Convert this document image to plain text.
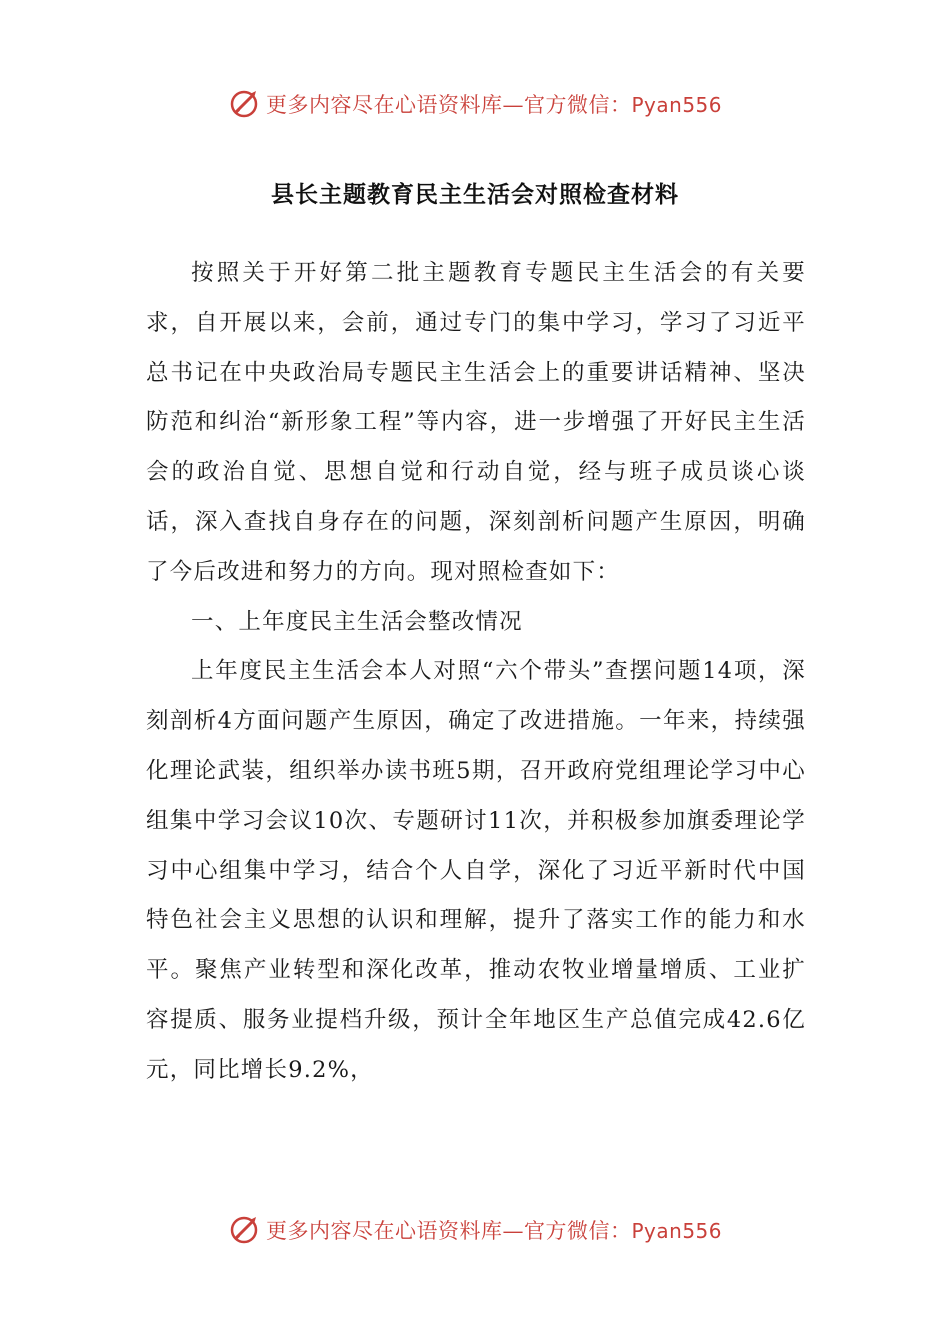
更多内容尽在心语资料库—官方微信：Pyan556
县长主题教育民主生活会对照检查材料

按照关于开好第二批主题教育专题民主生活会的有关要求，自开展以来，会前，通过专门的集中学习，学习了习近平总书记在中央政治局专题民主生活会上的重要讲话精神、坚决防范和纠治“新形象工程”等内容，进一步增强了开好民主生活会的政治自觉、思想自觉和行动自觉，经与班子成员谈心谈话，深入查找自身存在的问题，深刻剖析问题产生原因，明确了今后改进和努力的方向。现对照检查如下：

一、上年度民主生活会整改情况

上年度民主生活会本人对照“六个带头”查摆问题14项，深刻剖析4方面问题产生原因，确定了改进措施。一年来，持续强化理论武装，组织举办读书班5期，召开政府党组理论学习中心组集中学习会议10次、专题研讨11次，并积极参加旗委理论学习中心组集中学习，结合个人自学，深化了习近平新时代中国特色社会主义思想的认识和理解，提升了落实工作的能力和水平。聚焦产业转型和深化改革，推动农牧业增量增质、工业扩容提质、服务业提档升级，预计全年地区生产总值完成42.6亿元，同比增长9.2%，

更多内容尽在心语资料库—官方微信：Pyan556
